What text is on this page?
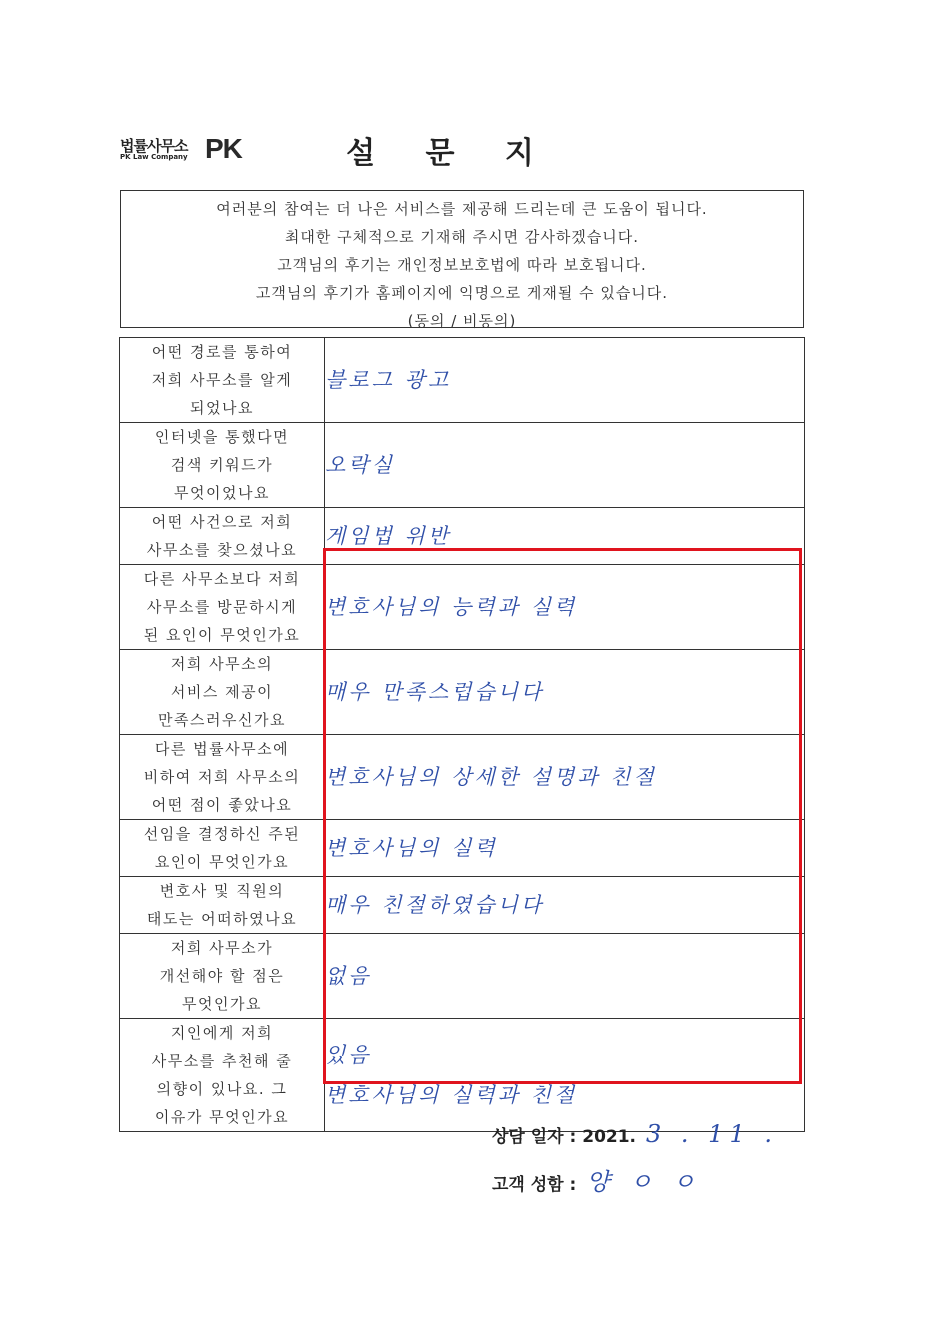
법률사무소
PK Law Company PK	설 문 지
여러분의 참여는 더 나은 서비스를 제공해 드리는데 큰 도움이 됩니다.
최대한 구체적으로 기재해 주시면 감사하겠습니다.
고객님의 후기는 개인정보보호법에 따라 보호됩니다.
고객님의 후기가 홈페이지에 익명으로 게재될 수 있습니다.
(동의 / 비동의)
어떤 경로를 통하여
저희 사무소를 알게
되었나요	블로그 광고
인터넷을 통했다면
검색 키워드가
무엇이었나요	오락실
어떤 사건으로 저희
사무소를 찾으셨나요	게임법 위반
다른 사무소보다 저희
사무소를 방문하시게
된 요인이 무엇인가요	변호사님의 능력과 실력
저희 사무소의
서비스 제공이
만족스러우신가요	매우 만족스럽습니다
다른 법률사무소에
비하여 저희 사무소의
어떤 점이 좋았나요	변호사님의 상세한 설명과 친절
선임을 결정하신 주된
요인이 무엇인가요	변호사님의 실력
변호사 및 직원의
태도는 어떠하였나요	매우 친절하였습니다
저희 사무소가
개선해야 할 점은
무엇인가요	없음
지인에게 저희
사무소를 추천해 줄
의향이 있나요. 그
이유가 무엇인가요	있음
변호사님의 실력과 친절
상담 일자 : 2021. 3 . 11 .
고객 성함 : 양 ㅇ ㅇ
